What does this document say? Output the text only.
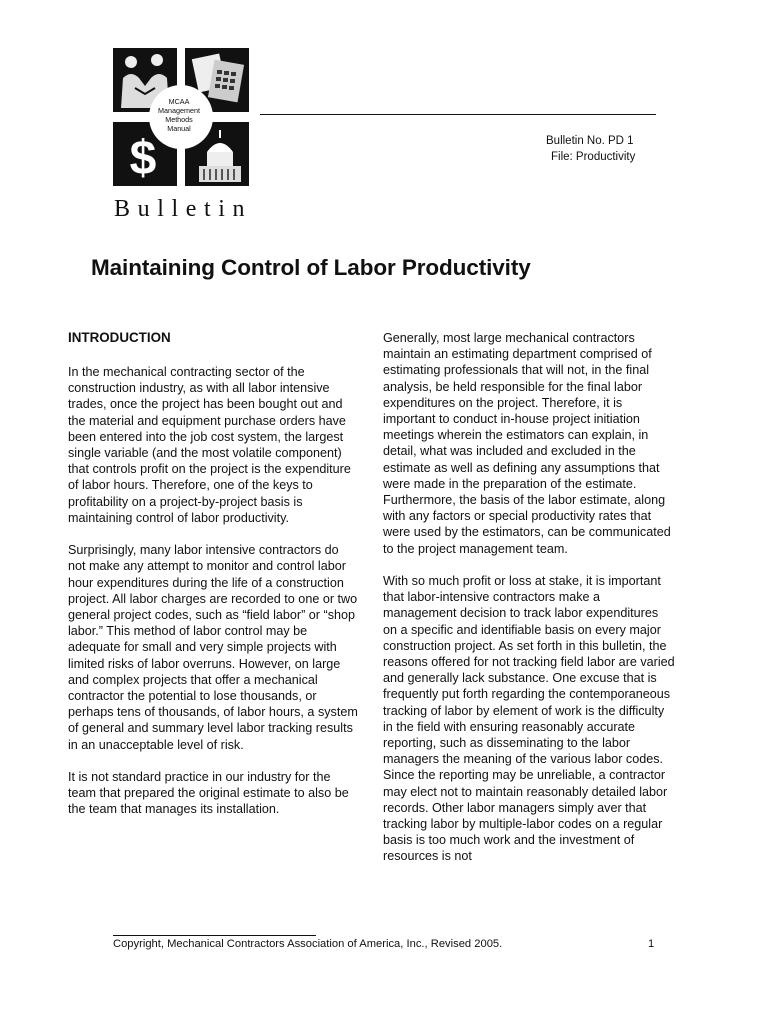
$
MCAA
Management
Methods
Manual
Bulletin No. PD 1
File: Productivity
Bulletin
Maintaining Control of Labor Productivity
INTRODUCTION

In the mechanical contracting sector of the construction industry, as with all labor intensive trades, once the project has been bought out and the material and equipment purchase orders have been entered into the job cost system, the largest single variable (and the most volatile component) that controls profit on the project is the expenditure of labor hours. Therefore, one of the keys to profitability on a project-by-project basis is maintaining control of labor productivity.

Surprisingly, many labor intensive contractors do not make any attempt to monitor and control labor hour expenditures during the life of a construction project. All labor charges are recorded to one or two general project codes, such as “field labor” or “shop labor.” This method of labor control may be adequate for small and very simple projects with limited risks of labor overruns. However, on large and complex projects that offer a mechanical contractor the potential to lose thousands, or perhaps tens of thousands, of labor hours, a system of general and summary level labor tracking results in an unacceptable level of risk.

It is not standard practice in our industry for the team that prepared the original estimate to also be the team that manages its installation.

Generally, most large mechanical contractors maintain an estimating department comprised of estimating professionals that will not, in the final analysis, be held responsible for the final labor expenditures on the project. Therefore, it is important to conduct in-house project initiation meetings wherein the estimators can explain, in detail, what was included and excluded in the estimate as well as defining any assumptions that were made in the preparation of the estimate. Furthermore, the basis of the labor estimate, along with any factors or special productivity rates that were used by the estimators, can be communicated to the project management team.

With so much profit or loss at stake, it is important that labor-intensive contractors make a management decision to track labor expenditures on a specific and identifiable basis on every major construction project. As set forth in this bulletin, the reasons offered for not tracking field labor are varied and generally lack substance. One excuse that is frequently put forth regarding the contemporaneous tracking of labor by element of work is the difficulty in the field with ensuring reasonably accurate reporting, such as disseminating to the labor managers the meaning of the various labor codes. Since the reporting may be unreliable, a contractor may elect not to maintain reasonably detailed labor records. Other labor managers simply aver that tracking labor by multiple-labor codes on a regular basis is too much work and the investment of resources is not

Copyright, Mechanical Contractors Association of America, Inc., Revised 2005.	1
